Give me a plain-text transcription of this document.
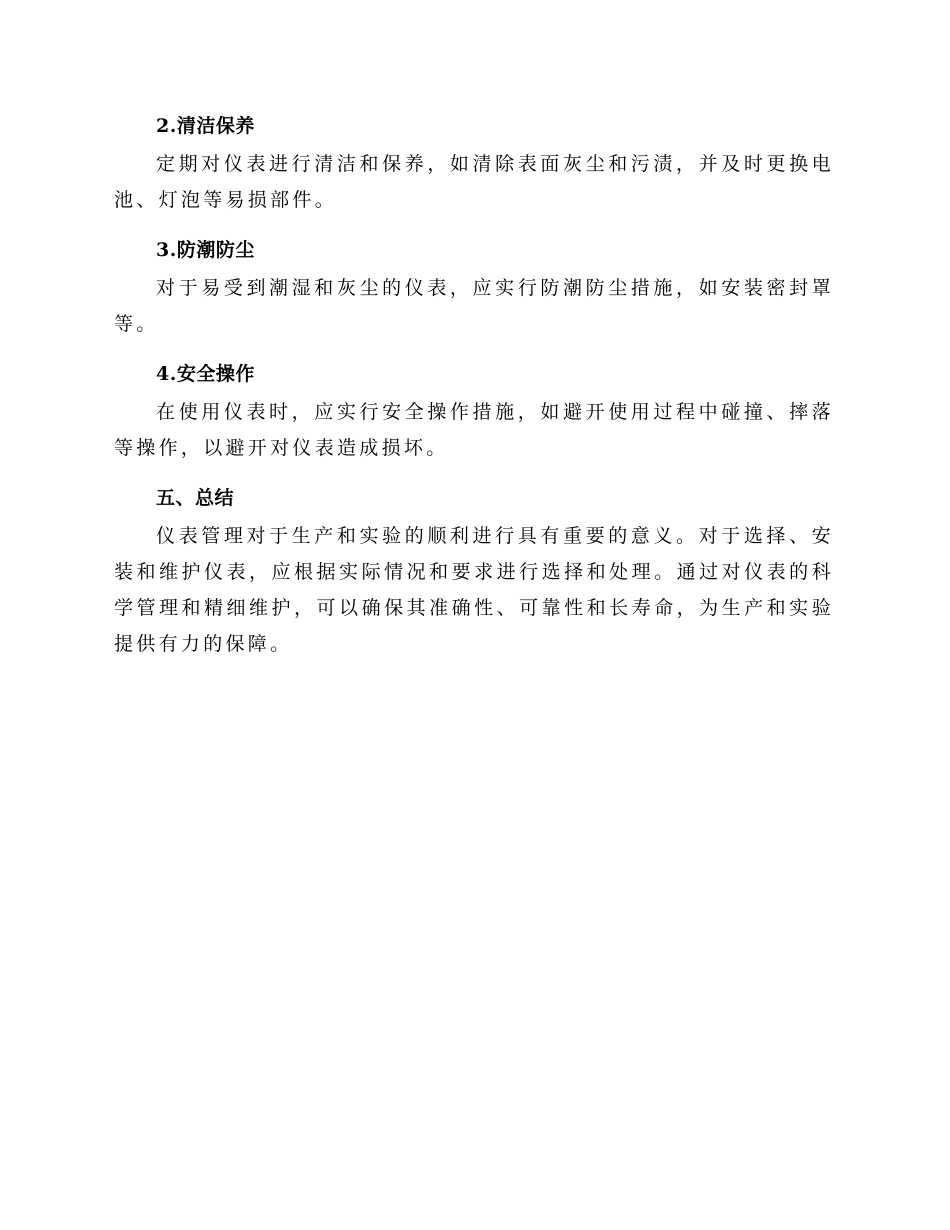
2.清洁保养

定期对仪表进行清洁和保养，如清除表面灰尘和污渍，并及时更换电池、灯泡等易损部件。

3.防潮防尘

对于易受到潮湿和灰尘的仪表，应实行防潮防尘措施，如安装密封罩等。

4.安全操作

在使用仪表时，应实行安全操作措施，如避开使用过程中碰撞、摔落等操作，以避开对仪表造成损坏。

五、总结

仪表管理对于生产和实验的顺利进行具有重要的意义。对于选择、安装和维护仪表，应根据实际情况和要求进行选择和处理。通过对仪表的科学管理和精细维护，可以确保其准确性、可靠性和长寿命，为生产和实验提供有力的保障。
